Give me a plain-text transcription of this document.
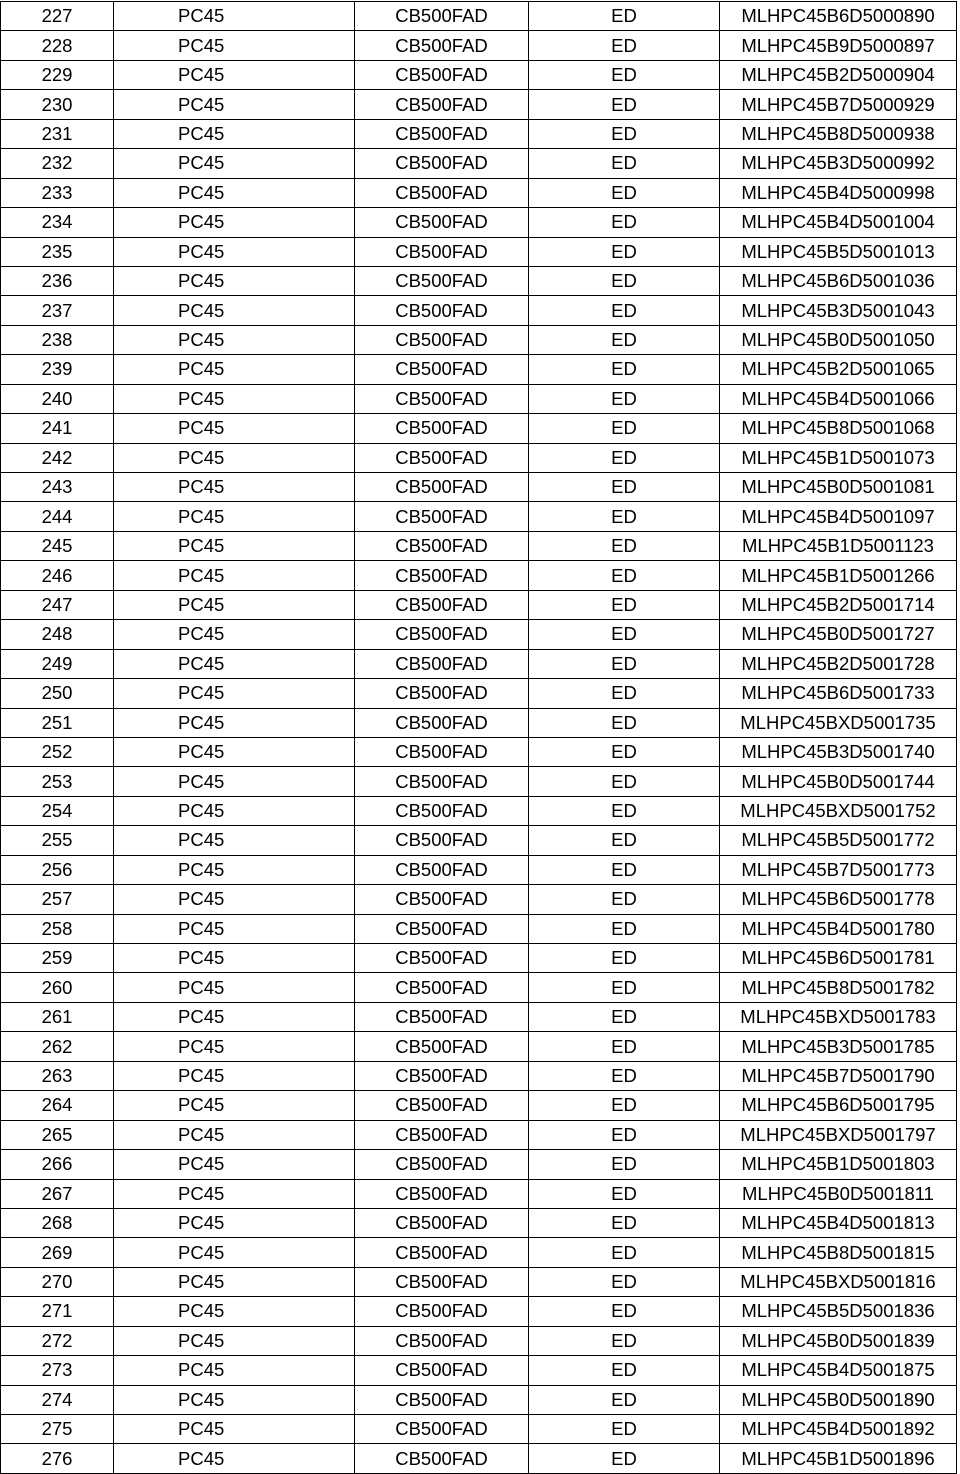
227	PC45	CB500FAD	ED	MLHPC45B6D5000890
228	PC45	CB500FAD	ED	MLHPC45B9D5000897
229	PC45	CB500FAD	ED	MLHPC45B2D5000904
230	PC45	CB500FAD	ED	MLHPC45B7D5000929
231	PC45	CB500FAD	ED	MLHPC45B8D5000938
232	PC45	CB500FAD	ED	MLHPC45B3D5000992
233	PC45	CB500FAD	ED	MLHPC45B4D5000998
234	PC45	CB500FAD	ED	MLHPC45B4D5001004
235	PC45	CB500FAD	ED	MLHPC45B5D5001013
236	PC45	CB500FAD	ED	MLHPC45B6D5001036
237	PC45	CB500FAD	ED	MLHPC45B3D5001043
238	PC45	CB500FAD	ED	MLHPC45B0D5001050
239	PC45	CB500FAD	ED	MLHPC45B2D5001065
240	PC45	CB500FAD	ED	MLHPC45B4D5001066
241	PC45	CB500FAD	ED	MLHPC45B8D5001068
242	PC45	CB500FAD	ED	MLHPC45B1D5001073
243	PC45	CB500FAD	ED	MLHPC45B0D5001081
244	PC45	CB500FAD	ED	MLHPC45B4D5001097
245	PC45	CB500FAD	ED	MLHPC45B1D5001123
246	PC45	CB500FAD	ED	MLHPC45B1D5001266
247	PC45	CB500FAD	ED	MLHPC45B2D5001714
248	PC45	CB500FAD	ED	MLHPC45B0D5001727
249	PC45	CB500FAD	ED	MLHPC45B2D5001728
250	PC45	CB500FAD	ED	MLHPC45B6D5001733
251	PC45	CB500FAD	ED	MLHPC45BXD5001735
252	PC45	CB500FAD	ED	MLHPC45B3D5001740
253	PC45	CB500FAD	ED	MLHPC45B0D5001744
254	PC45	CB500FAD	ED	MLHPC45BXD5001752
255	PC45	CB500FAD	ED	MLHPC45B5D5001772
256	PC45	CB500FAD	ED	MLHPC45B7D5001773
257	PC45	CB500FAD	ED	MLHPC45B6D5001778
258	PC45	CB500FAD	ED	MLHPC45B4D5001780
259	PC45	CB500FAD	ED	MLHPC45B6D5001781
260	PC45	CB500FAD	ED	MLHPC45B8D5001782
261	PC45	CB500FAD	ED	MLHPC45BXD5001783
262	PC45	CB500FAD	ED	MLHPC45B3D5001785
263	PC45	CB500FAD	ED	MLHPC45B7D5001790
264	PC45	CB500FAD	ED	MLHPC45B6D5001795
265	PC45	CB500FAD	ED	MLHPC45BXD5001797
266	PC45	CB500FAD	ED	MLHPC45B1D5001803
267	PC45	CB500FAD	ED	MLHPC45B0D5001811
268	PC45	CB500FAD	ED	MLHPC45B4D5001813
269	PC45	CB500FAD	ED	MLHPC45B8D5001815
270	PC45	CB500FAD	ED	MLHPC45BXD5001816
271	PC45	CB500FAD	ED	MLHPC45B5D5001836
272	PC45	CB500FAD	ED	MLHPC45B0D5001839
273	PC45	CB500FAD	ED	MLHPC45B4D5001875
274	PC45	CB500FAD	ED	MLHPC45B0D5001890
275	PC45	CB500FAD	ED	MLHPC45B4D5001892
276	PC45	CB500FAD	ED	MLHPC45B1D5001896
